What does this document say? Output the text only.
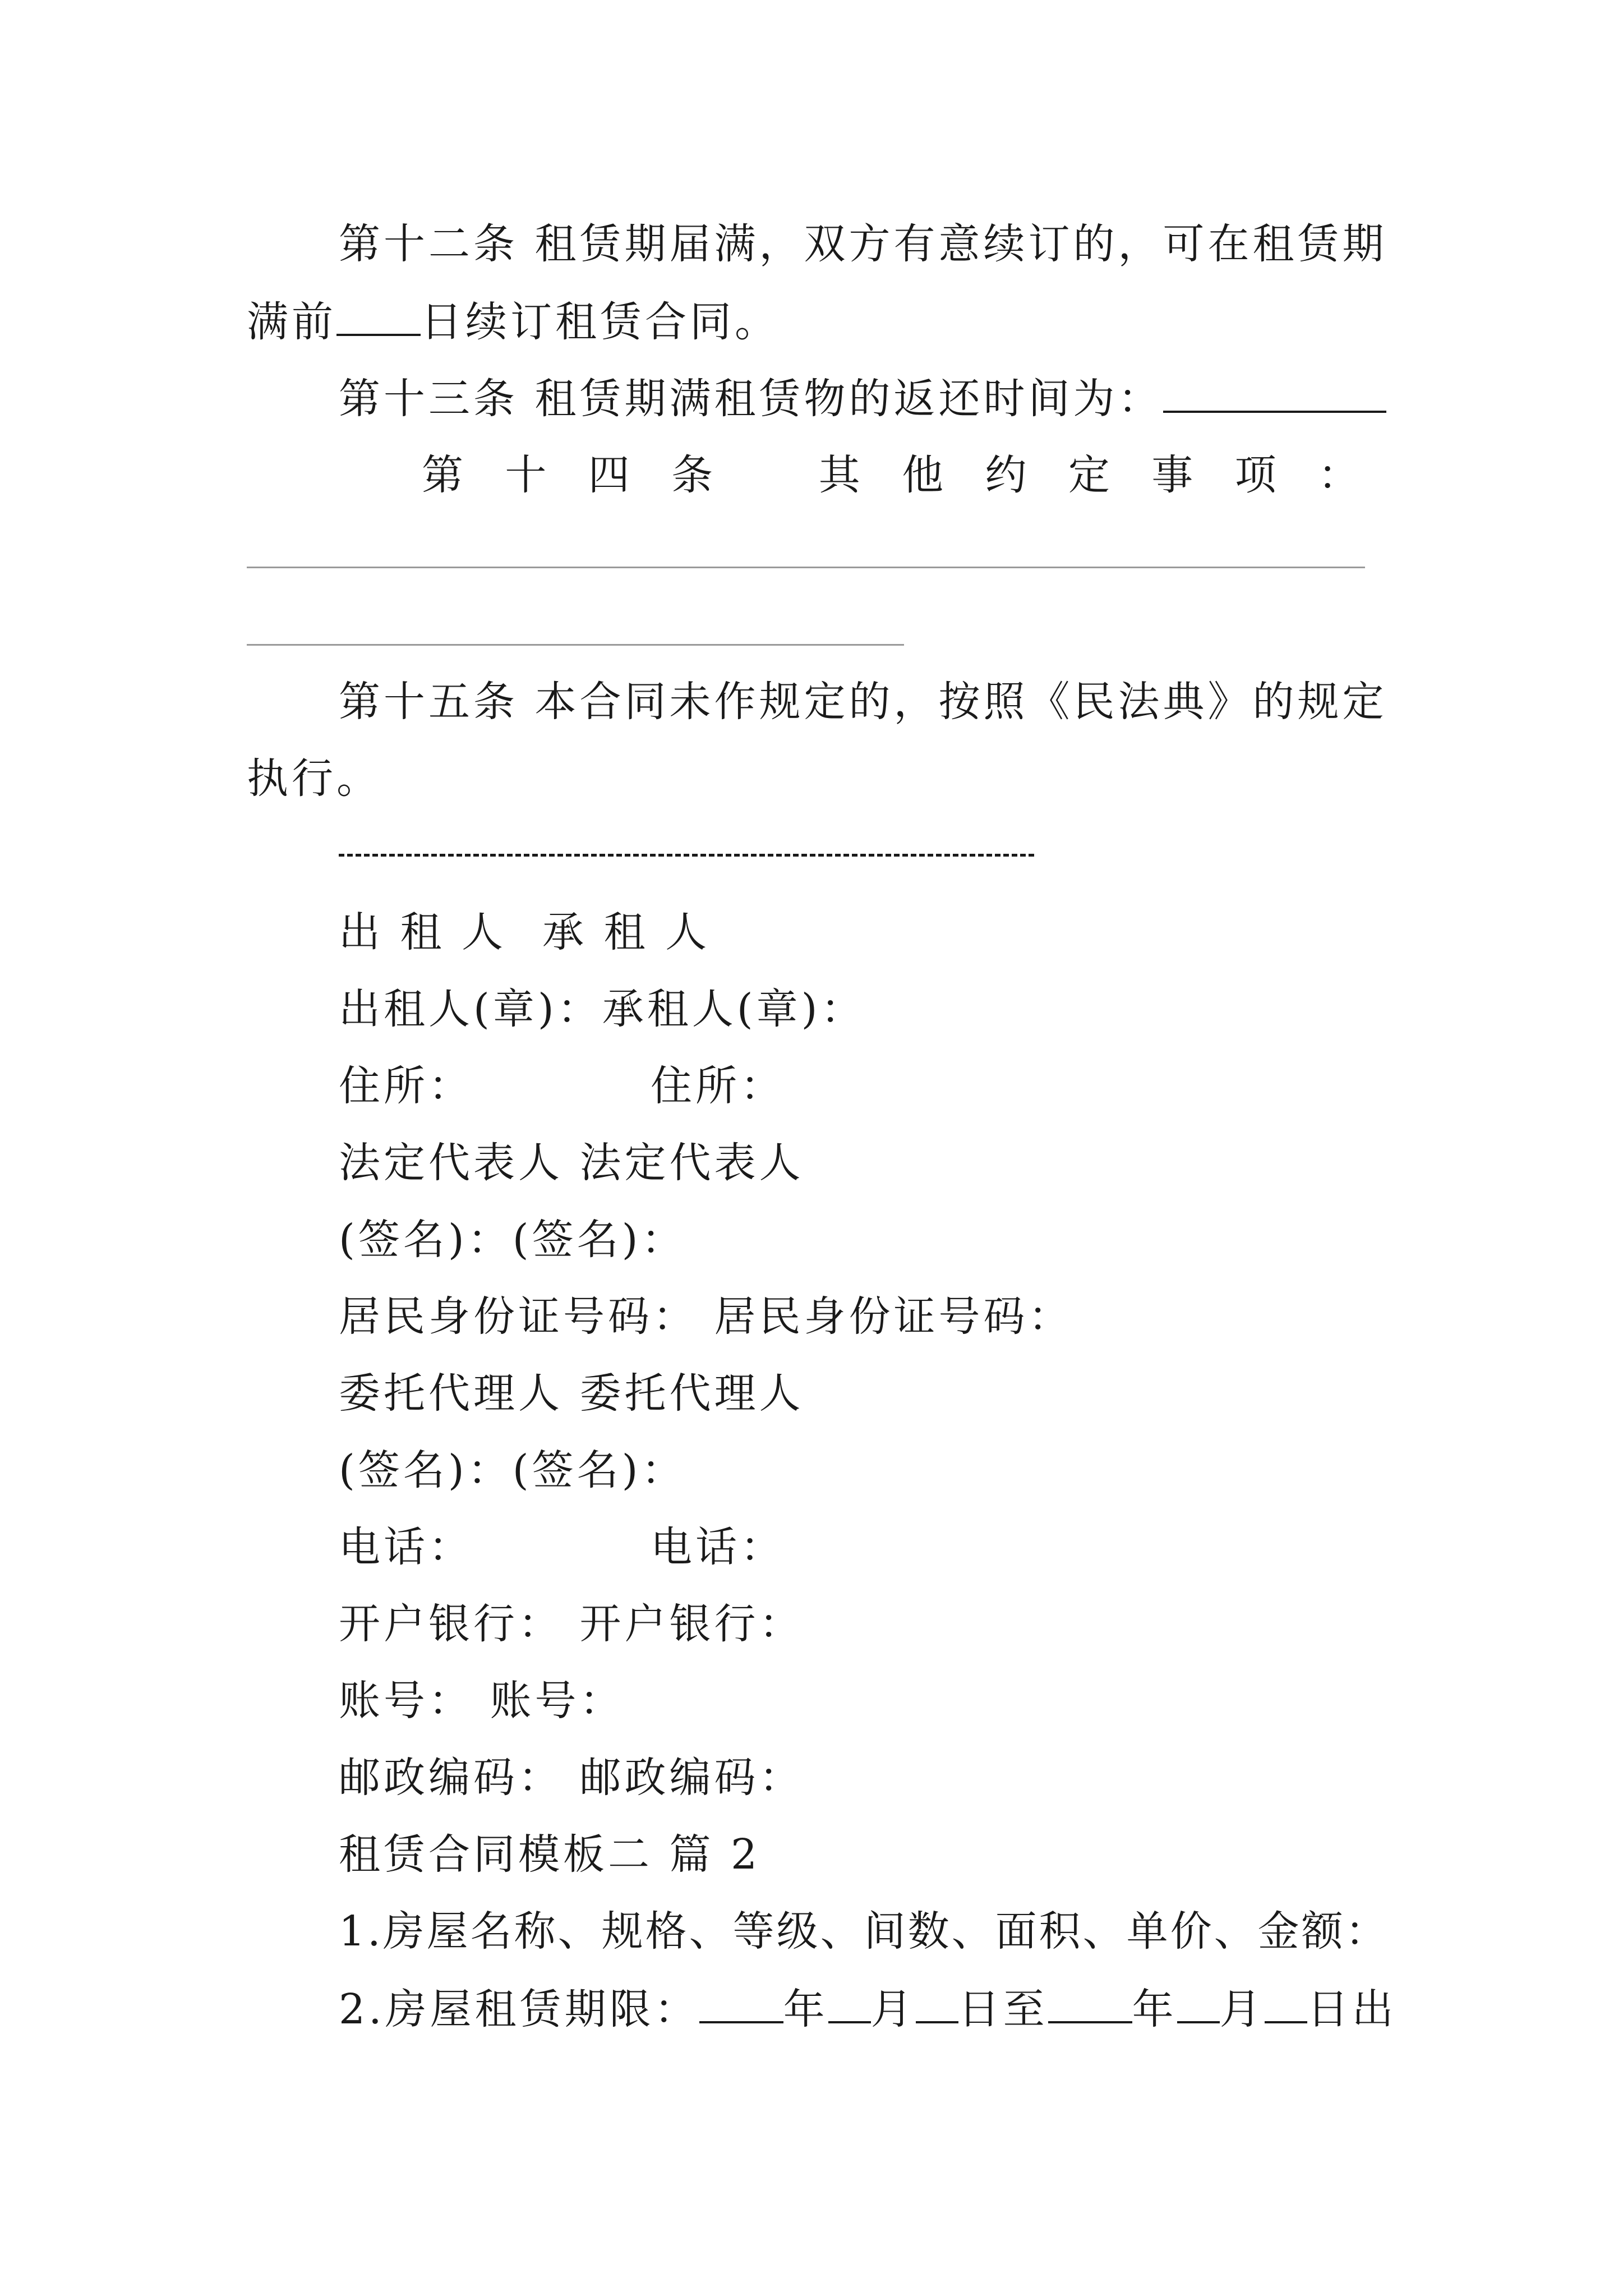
第十二条 租赁期届满，双方有意续订的，可在租赁期
满前 日续订租赁合同。
第十三条 租赁期满租赁物的返还时间为：
第 十 四 条	其 他 约 定 事 项 ：
第十五条 本合同未作规定的，按照《民法典》的规定
执行。
出 租 人 承 租 人
出租人(章)：承租人(章)：
住所：	住所：
法定代表人 法定代表人
(签名)：(签名)：
居民身份证号码： 居民身份证号码：
委托代理人 委托代理人
(签名)：(签名)：
电话：	电话：
开户银行： 开户银行：
账号： 账号：
邮政编码： 邮政编码：
租赁合同模板二 篇 2
1.房屋名称、规格、等级、间数、面积、单价、金额：
2.房屋租赁期限： 年 月 日至 年 月 日出
